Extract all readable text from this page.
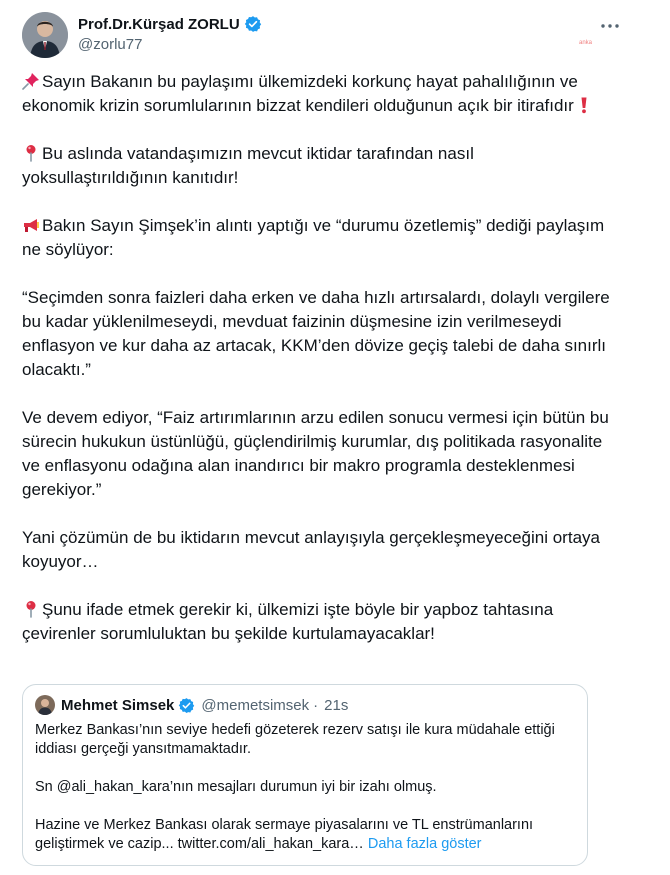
Prof.Dr.Kürşad ZORLU
@zorlu77	anka

Sayın Bakanın bu paylaşımı ülkemizdeki korkunç hayat pahalılığının ve ekonomik krizin sorumlularının bizzat kendileri olduğunun açık bir itirafıdır

Bu aslında vatandaşımızın mevcut iktidar tarafından nasıl yoksullaştırıldığının kanıtıdır!

Bakın Sayın Şimşek’in alıntı yaptığı ve “durumu özetlemiş” dediği paylaşım ne söylüyor:

“Seçimden sonra faizleri daha erken ve daha hızlı artırsalardı, dolaylı vergilere bu kadar yüklenilmeseydi, mevduat faizinin düşmesine izin verilmeseydi enflasyon ve kur daha az artacak, KKM’den dövize geçiş talebi de daha sınırlı olacaktı.”

Ve devem ediyor, “Faiz artırımlarının arzu edilen sonucu vermesi için bütün bu sürecin hukukun üstünlüğü, güçlendirilmiş kurumlar, dış politikada rasyonalite ve enflasyonu odağına alan inandırıcı bir makro programla desteklenmesi gerekiyor.”

Yani çözümün de bu iktidarın mevcut anlayışıyla gerçekleşmeyeceğini ortaya koyuyor…

Şunu ifade etmek gerekir ki, ülkemizi işte böyle bir yapboz tahtasına çevirenler sorumluluktan bu şekilde kurtulamayacaklar!

Mehmet Simsek @memetsimsek · 21s

Merkez Bankası’nın seviye hedefi gözeterek rezerv satışı ile kura müdahale ettiği iddiası gerçeği yansıtmamaktadır.

Sn @ali_hakan_kara’nın mesajları durumun iyi bir izahı olmuş.

Hazine ve Merkez Bankası olarak sermaye piyasalarını ve TL enstrümanlarını geliştirmek ve cazip... twitter.com/ali_hakan_kara… Daha fazla göster
